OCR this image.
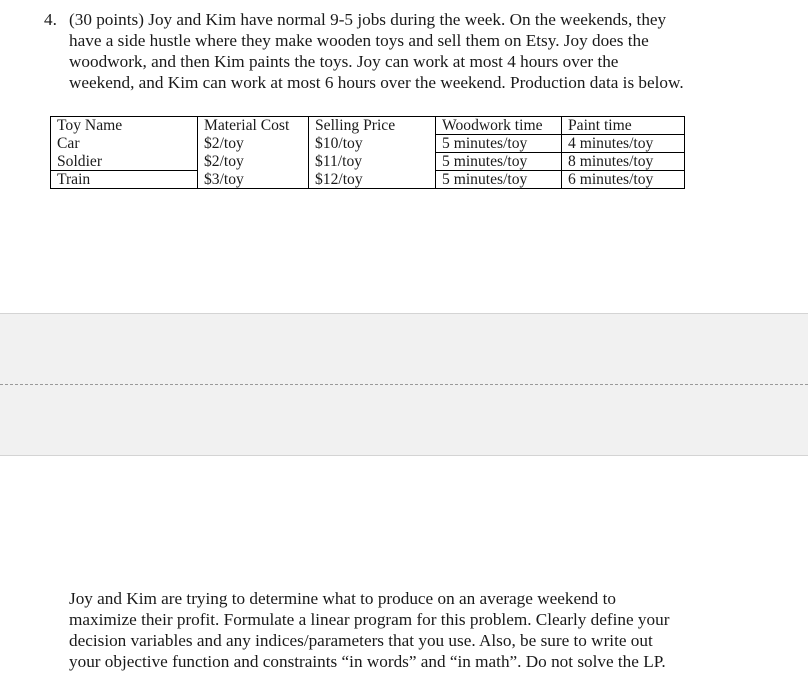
4. (30 points) Joy and Kim have normal 9-5 jobs during the week. On the weekends, they
have a side hustle where they make wooden toys and sell them on Etsy. Joy does the
woodwork, and then Kim paints the toys. Joy can work at most 4 hours over the
weekend, and Kim can work at most 6 hours over the weekend. Production data is below.
Toy Name	Material Cost	Selling Price	Woodwork time	Paint time
Car	$2/toy	$10/toy	5 minutes/toy	4 minutes/toy
Soldier	$2/toy	$11/toy	5 minutes/toy	8 minutes/toy
Train	$3/toy	$12/toy	5 minutes/toy	6 minutes/toy
Joy and Kim are trying to determine what to produce on an average weekend to
maximize their profit. Formulate a linear program for this problem. Clearly define your
decision variables and any indices/parameters that you use. Also, be sure to write out
your objective function and constraints “in words” and “in math”. Do not solve the LP.
